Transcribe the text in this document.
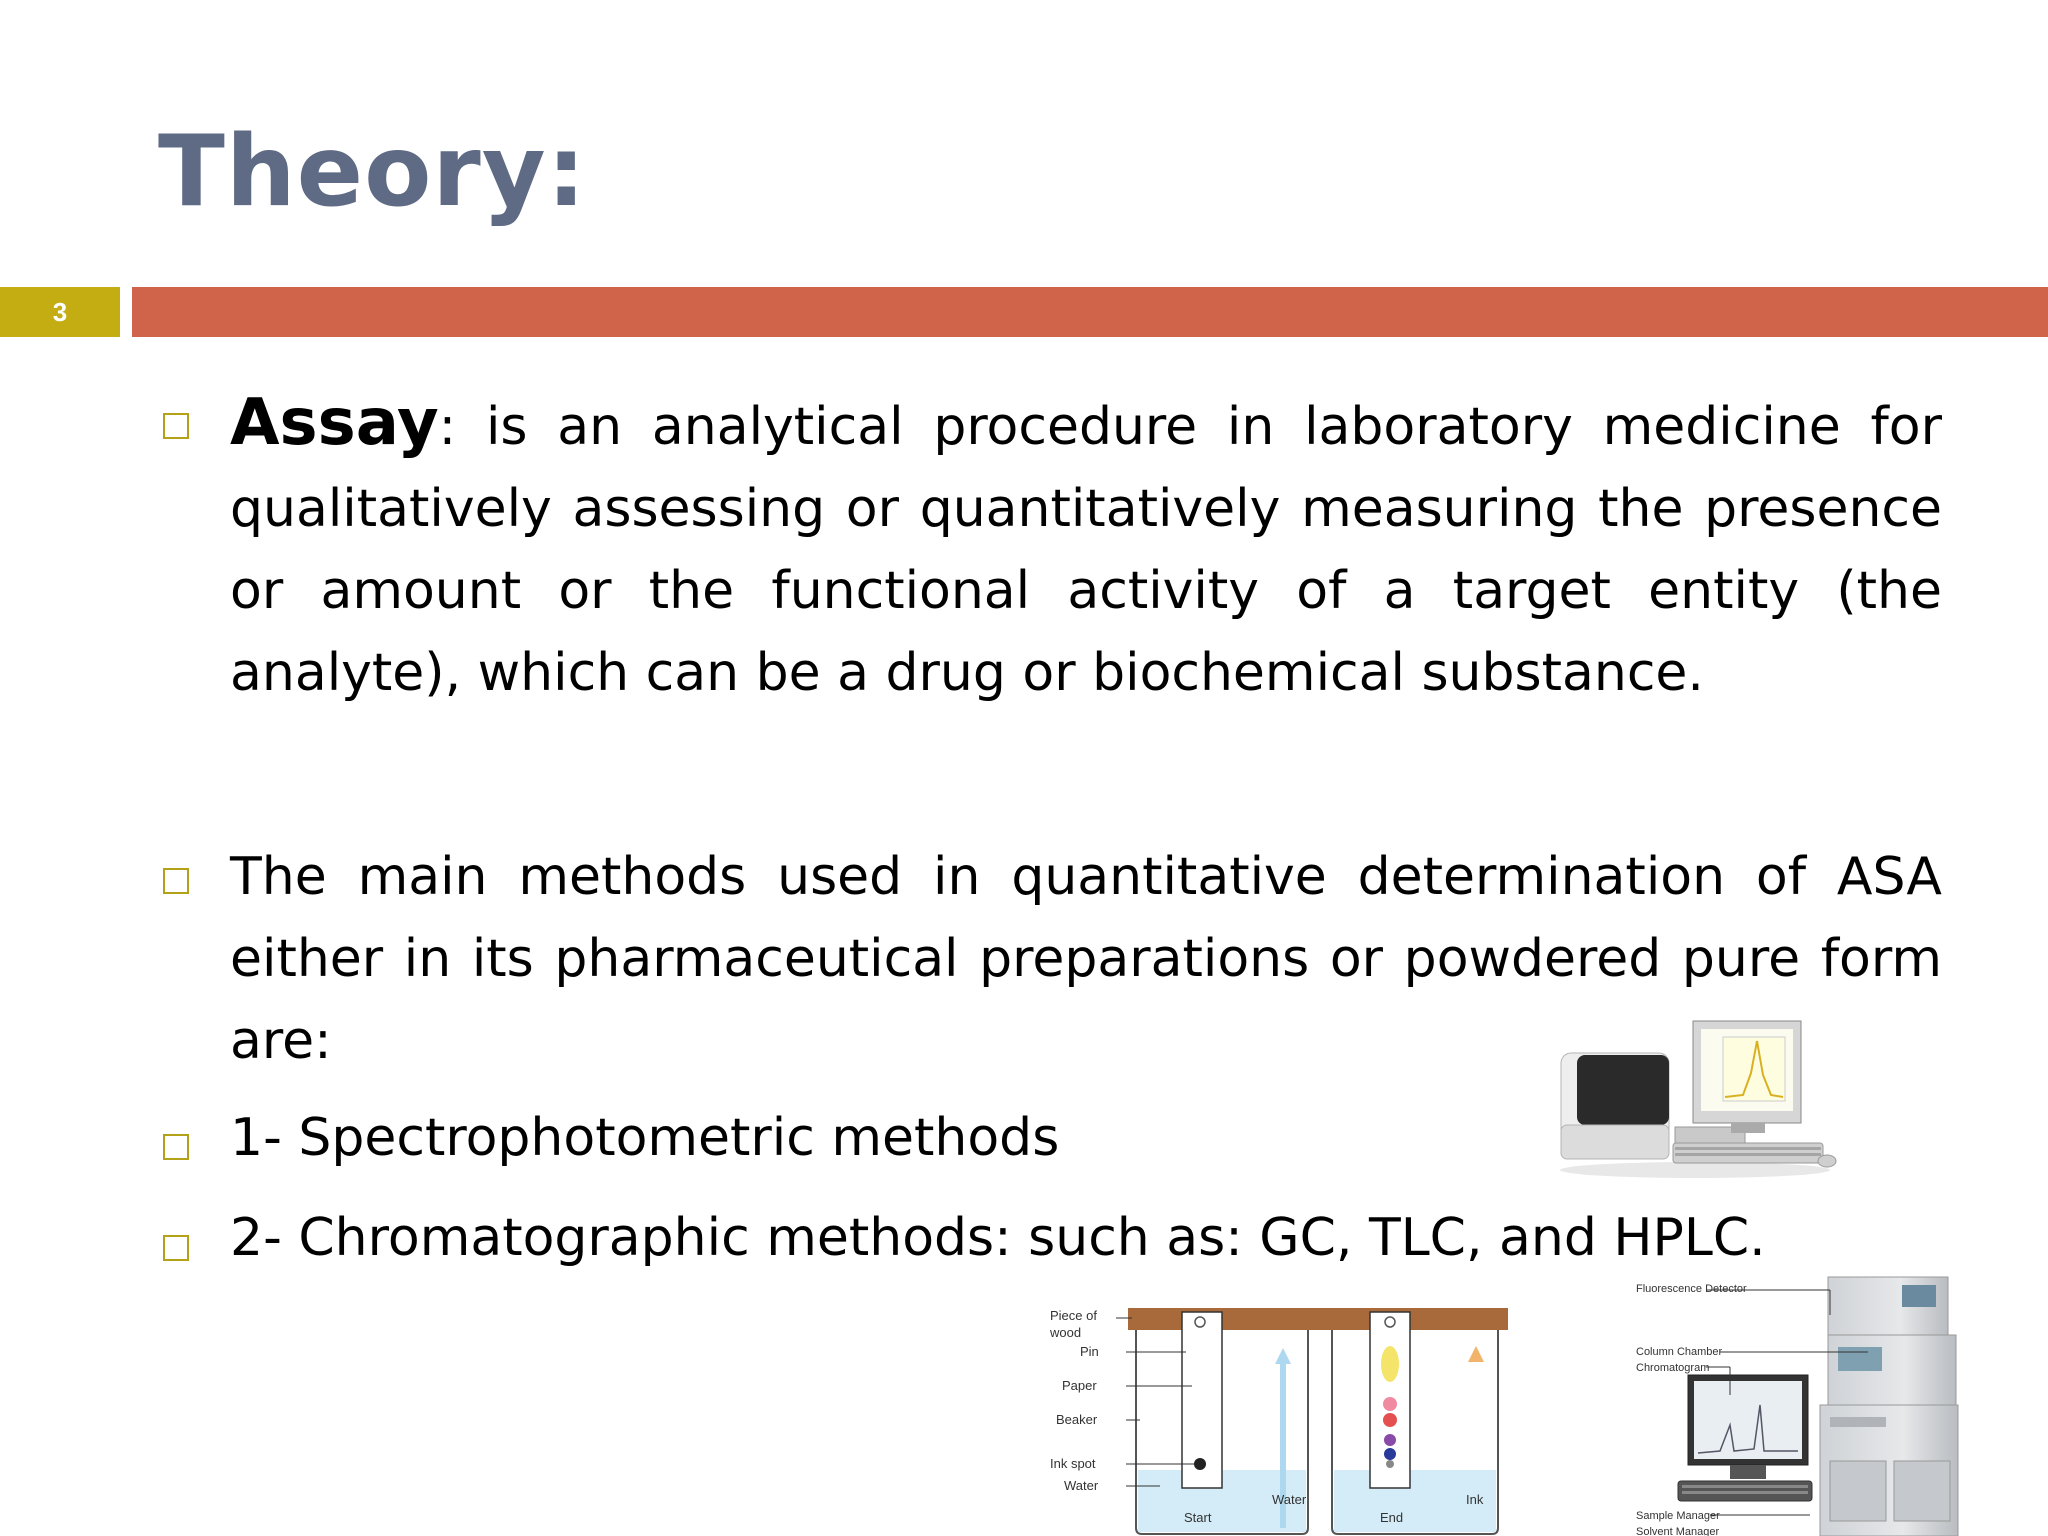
Theory:
3
Assay: is an analytical procedure in laboratory medicine for qualitatively assessing or quantitatively measuring the presence or amount or the functional activity of a target entity (the analyte), which can be a drug or biochemical substance.
The main methods used in quantitative determination of ASA either in its pharmaceutical preparations or powdered pure form are:
1- Spectrophotometric methods
2- Chromatographic methods: such as: GC, TLC, and HPLC.
Piece of
wood
Pin
Paper
Beaker
Ink spot
Water
Water	Ink
Start	End
Fluorescence Detector
Column Chamber
Chromatogram
Sample Manager
Solvent Manager
